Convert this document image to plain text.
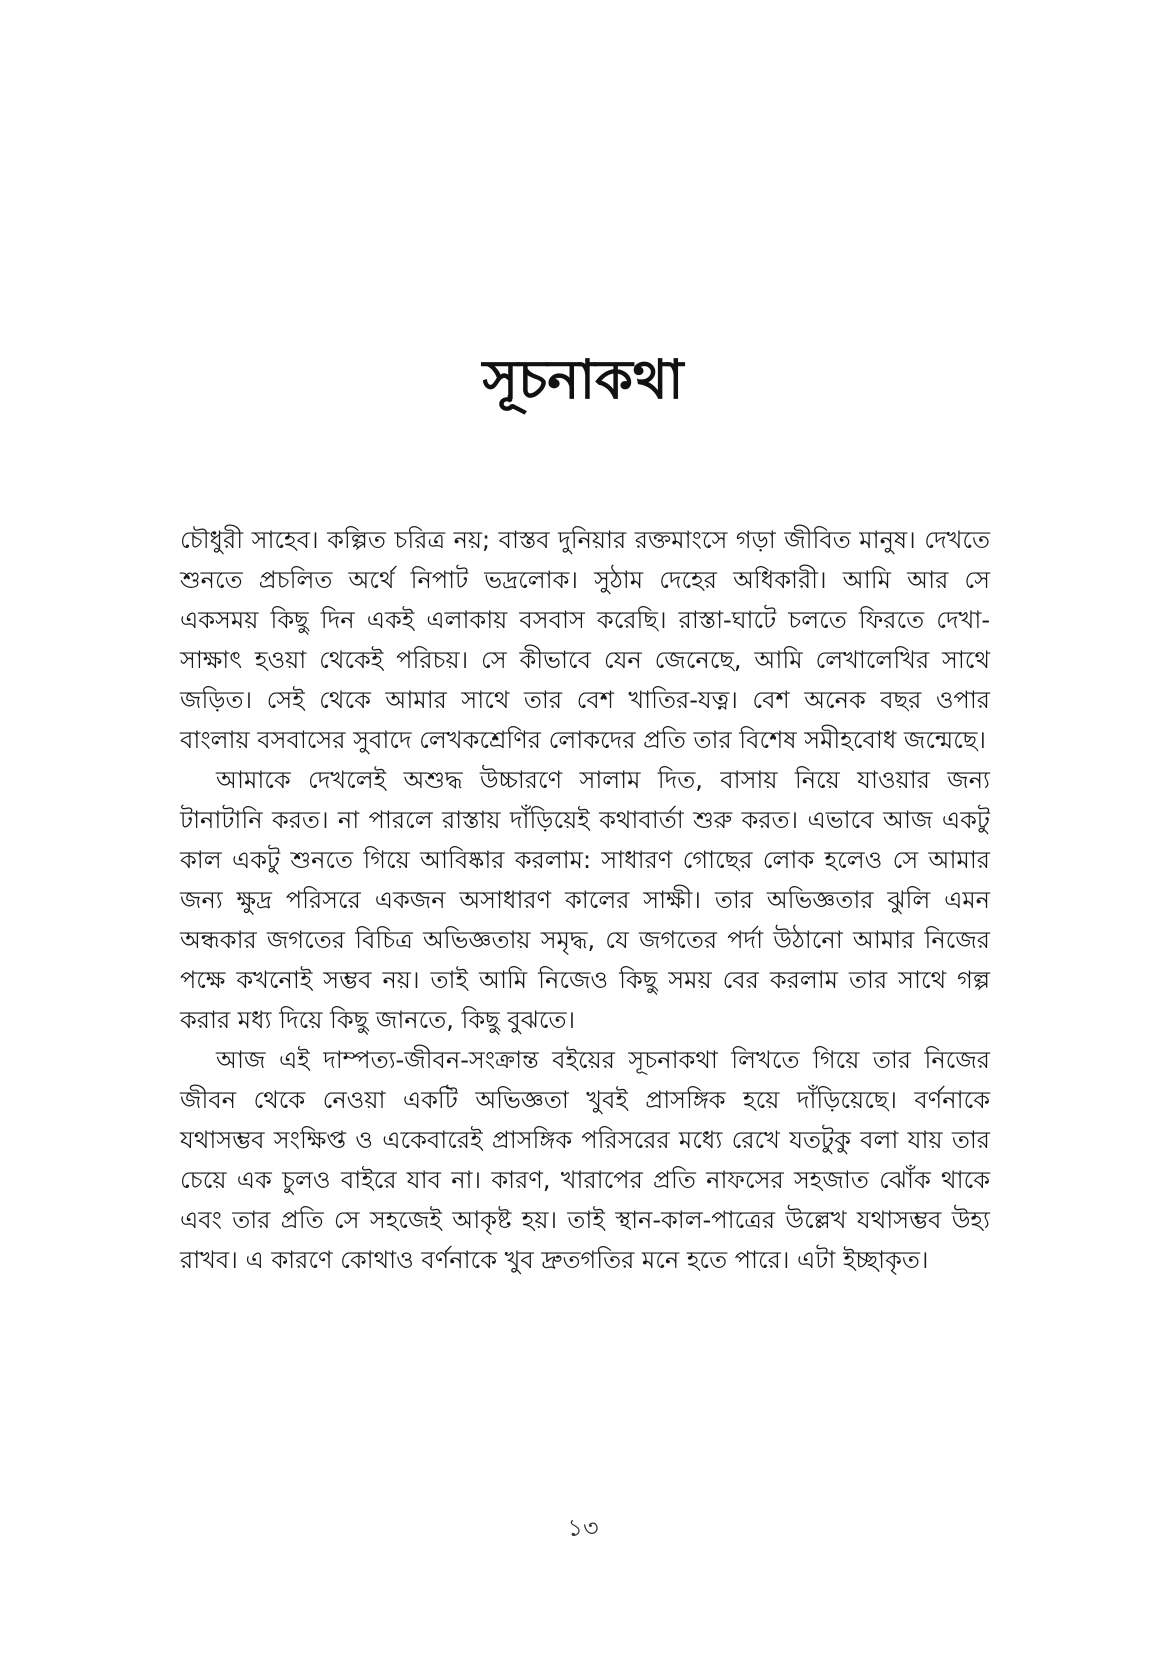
সূচনাকথা

চৌধুরী সাহেব। কল্পিত চরিত্র নয়; বাস্তব দুনিয়ার রক্তমাংসে গড়া জীবিত মানুষ। দেখতে শুনতে প্রচলিত অর্থে নিপাট ভদ্রলোক। সুঠাম দেহের অধিকারী। আমি আর সে একসময় কিছু দিন একই এলাকায় বসবাস করেছি। রাস্তা-ঘাটে চলতে ফিরতে দেখা-সাক্ষাৎ হওয়া থেকেই পরিচয়। সে কীভাবে যেন জেনেছে, আমি লেখালেখির সাথে জড়িত। সেই থেকে আমার সাথে তার বেশ খাতির-যত্ন। বেশ অনেক বছর ওপার বাংলায় বসবাসের সুবাদে লেখকশ্রেণির লোকদের প্রতি তার বিশেষ সমীহবোধ জন্মেছে।

আমাকে দেখলেই অশুদ্ধ উচ্চারণে সালাম দিত, বাসায় নিয়ে যাওয়ার জন্য টানাটানি করত। না পারলে রাস্তায় দাঁড়িয়েই কথাবার্তা শুরু করত। এভাবে আজ একটু কাল একটু শুনতে গিয়ে আবিষ্কার করলাম: সাধারণ গোছের লোক হলেও সে আমার জন্য ক্ষুদ্র পরিসরে একজন অসাধারণ কালের সাক্ষী। তার অভিজ্ঞতার ঝুলি এমন অন্ধকার জগতের বিচিত্র অভিজ্ঞতায় সমৃদ্ধ, যে জগতের পর্দা উঠানো আমার নিজের পক্ষে কখনোই সম্ভব নয়। তাই আমি নিজেও কিছু সময় বের করলাম তার সাথে গল্প করার মধ্য দিয়ে কিছু জানতে, কিছু বুঝতে।

আজ এই দাম্পত্য-জীবন-সংক্রান্ত বইয়ের সূচনাকথা লিখতে গিয়ে তার নিজের জীবন থেকে নেওয়া একটি অভিজ্ঞতা খুবই প্রাসঙ্গিক হয়ে দাঁড়িয়েছে। বর্ণনাকে যথাসম্ভব সংক্ষিপ্ত ও একেবারেই প্রাসঙ্গিক পরিসরের মধ্যে রেখে যতটুকু বলা যায় তার চেয়ে এক চুলও বাইরে যাব না। কারণ, খারাপের প্রতি নাফসের সহজাত ঝোঁক থাকে এবং তার প্রতি সে সহজেই আকৃষ্ট হয়। তাই স্থান-কাল-পাত্রের উল্লেখ যথাসম্ভব উহ্য রাখব। এ কারণে কোথাও বর্ণনাকে খুব দ্রুতগতির মনে হতে পারে। এটা ইচ্ছাকৃত।

১৩
